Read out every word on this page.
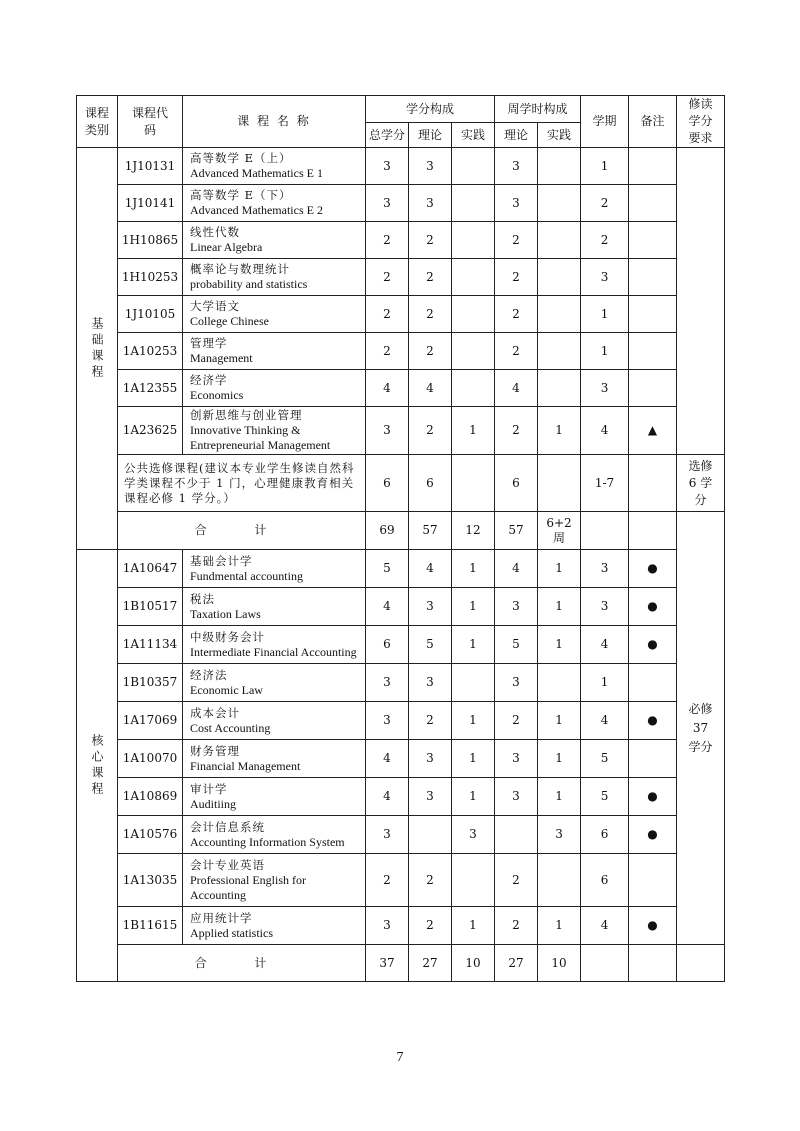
课程类别	课程代码	课 程 名 称	学分构成			周学时构成		学期	备注	修读学分要求
			总学分	理论	实践	理论	实践			

基础课程	1J10131	高等数学 E（上）
Advanced Mathematics E 1	3	3		3		1		
	1J10141	高等数学 E（下）
Advanced Mathematics E 2	3	3		3		2		
	1H10865	线性代数
Linear Algebra	2	2		2		2		
	1H10253	概率论与数理统计
probability and statistics	2	2		2		3		
	1J10105	大学语文
College Chinese	2	2		2		1		
	1A10253	管理学
Management	2	2		2		1		
	1A12355	经济学
Economics	4	4		4		3		
	1A23625	创新思维与创业管理
Innovative Thinking & Entrepreneurial Management	3	2	1	2	1	4	▲	
	公共选修课程(建议本专业学生修读自然科学类课程不少于 1 门，心理健康教育相关课程必修 1 学分。）		6	6		6		1-7		选修 6 学分
	合 计		69	57	12	57	6+2 周			必修 37 学分

核心课程	1A10647	基础会计学
Fundmental accounting	5	4	1	4	1	3	●	
	1B10517	税法
Taxation Laws	4	3	1	3	1	3	●	
	1A11134	中级财务会计
Intermediate Financial Accounting	6	5	1	5	1	4	●	
	1B10357	经济法
Economic Law	3	3		3		1		
	1A17069	成本会计
Cost Accounting	3	2	1	2	1	4	●	
	1A10070	财务管理
Financial Management	4	3	1	3	1	5		
	1A10869	审计学
Auditiing	4	3	1	3	1	5	●	
	1A10576	会计信息系统
Accounting Information System	3		3		3	6	●	
	1A13035	会计专业英语
Professional English for Accounting	2	2		2		6		
	1B11615	应用统计学
Applied statistics	3	2	1	2	1	4	●	
	合 计		37	27	10	27	10			
7
